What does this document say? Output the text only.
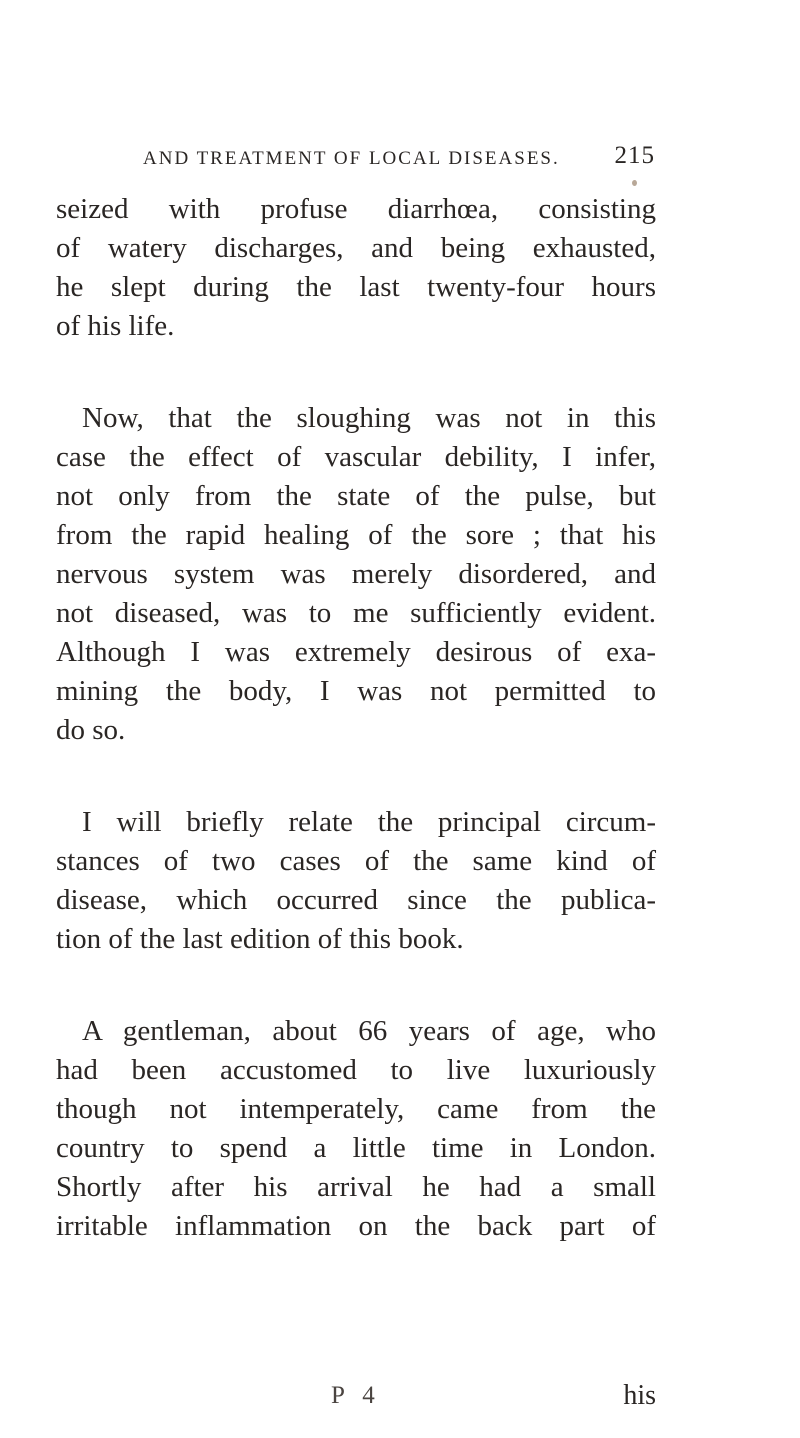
AND TREATMENT OF LOCAL DISEASES. 215
seized with profuse diarrhœa, consisting
of watery discharges, and being exhausted,
he slept during the last twenty-four hours
of his life.
Now, that the sloughing was not in this
case the effect of vascular debility, I infer,
not only from the state of the pulse, but
from the rapid healing of the sore ; that his
nervous system was merely disordered, and
not diseased, was to me sufficiently evident.
Although I was extremely desirous of exa-
mining the body, I was not permitted to
do so.
I will briefly relate the principal circum-
stances of two cases of the same kind of
disease, which occurred since the publica-
tion of the last edition of this book.
A gentleman, about 66 years of age, who
had been accustomed to live luxuriously
though not intemperately, came from the
country to spend a little time in London.
Shortly after his arrival he had a small
irritable inflammation on the back part of
P 4	his
